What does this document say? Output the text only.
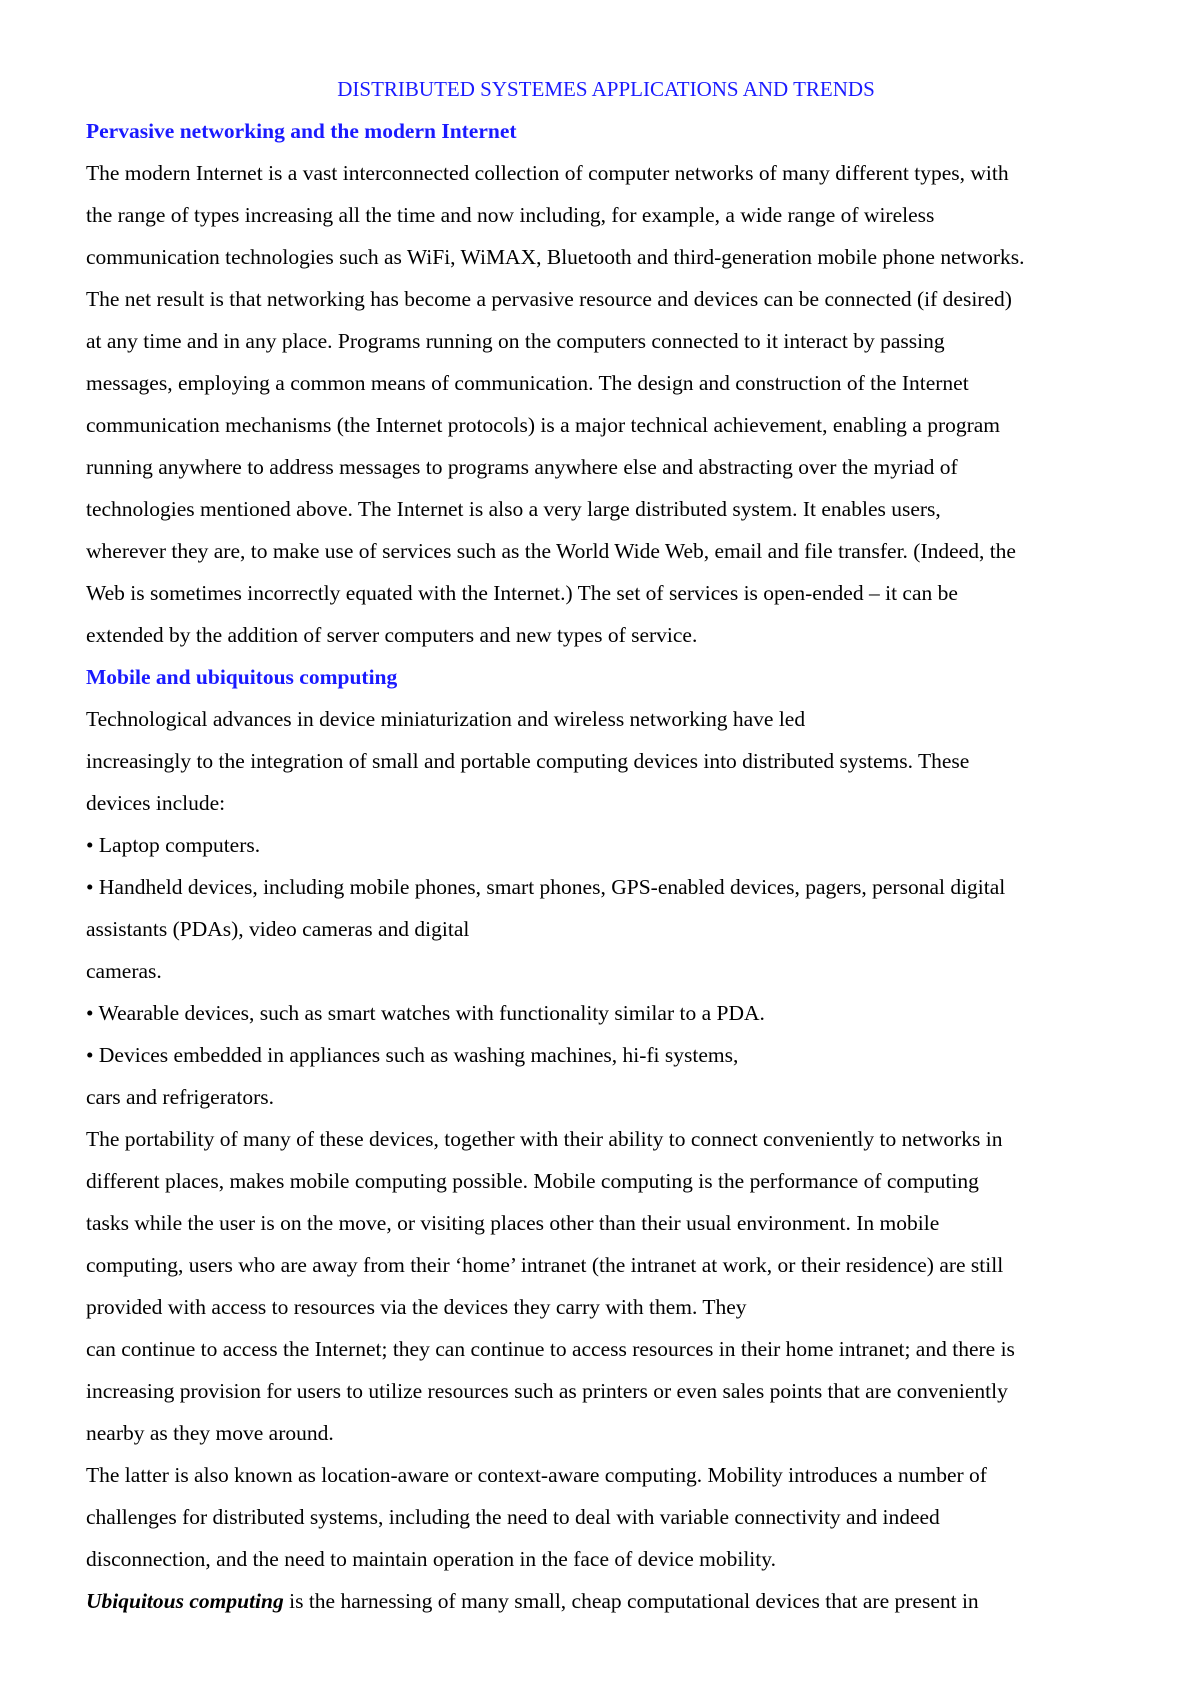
DISTRIBUTED SYSTEMES APPLICATIONS AND TRENDS
Pervasive networking and the modern Internet
The modern Internet is a vast interconnected collection of computer networks of many different types, with
the range of types increasing all the time and now including, for example, a wide range of wireless
communication technologies such as WiFi, WiMAX, Bluetooth and third-generation mobile phone networks.
The net result is that networking has become a pervasive resource and devices can be connected (if desired)
at any time and in any place. Programs running on the computers connected to it interact by passing
messages, employing a common means of communication. The design and construction of the Internet
communication mechanisms (the Internet protocols) is a major technical achievement, enabling a program
running anywhere to address messages to programs anywhere else and abstracting over the myriad of
technologies mentioned above. The Internet is also a very large distributed system. It enables users,
wherever they are, to make use of services such as the World Wide Web, email and file transfer. (Indeed, the
Web is sometimes incorrectly equated with the Internet.) The set of services is open-ended – it can be
extended by the addition of server computers and new types of service.
Mobile and ubiquitous computing
Technological advances in device miniaturization and wireless networking have led
increasingly to the integration of small and portable computing devices into distributed systems. These
devices include:
• Laptop computers.
• Handheld devices, including mobile phones, smart phones, GPS-enabled devices, pagers, personal digital
assistants (PDAs), video cameras and digital
cameras.
• Wearable devices, such as smart watches with functionality similar to a PDA.
• Devices embedded in appliances such as washing machines, hi-fi systems,
cars and refrigerators.
The portability of many of these devices, together with their ability to connect conveniently to networks in
different places, makes mobile computing possible. Mobile computing is the performance of computing
tasks while the user is on the move, or visiting places other than their usual environment. In mobile
computing, users who are away from their ‘home’ intranet (the intranet at work, or their residence) are still
provided with access to resources via the devices they carry with them. They
can continue to access the Internet; they can continue to access resources in their home intranet; and there is
increasing provision for users to utilize resources such as printers or even sales points that are conveniently
nearby as they move around.
The latter is also known as location-aware or context-aware computing. Mobility introduces a number of
challenges for distributed systems, including the need to deal with variable connectivity and indeed
disconnection, and the need to maintain operation in the face of device mobility.
Ubiquitous computing is the harnessing of many small, cheap computational devices that are present in
